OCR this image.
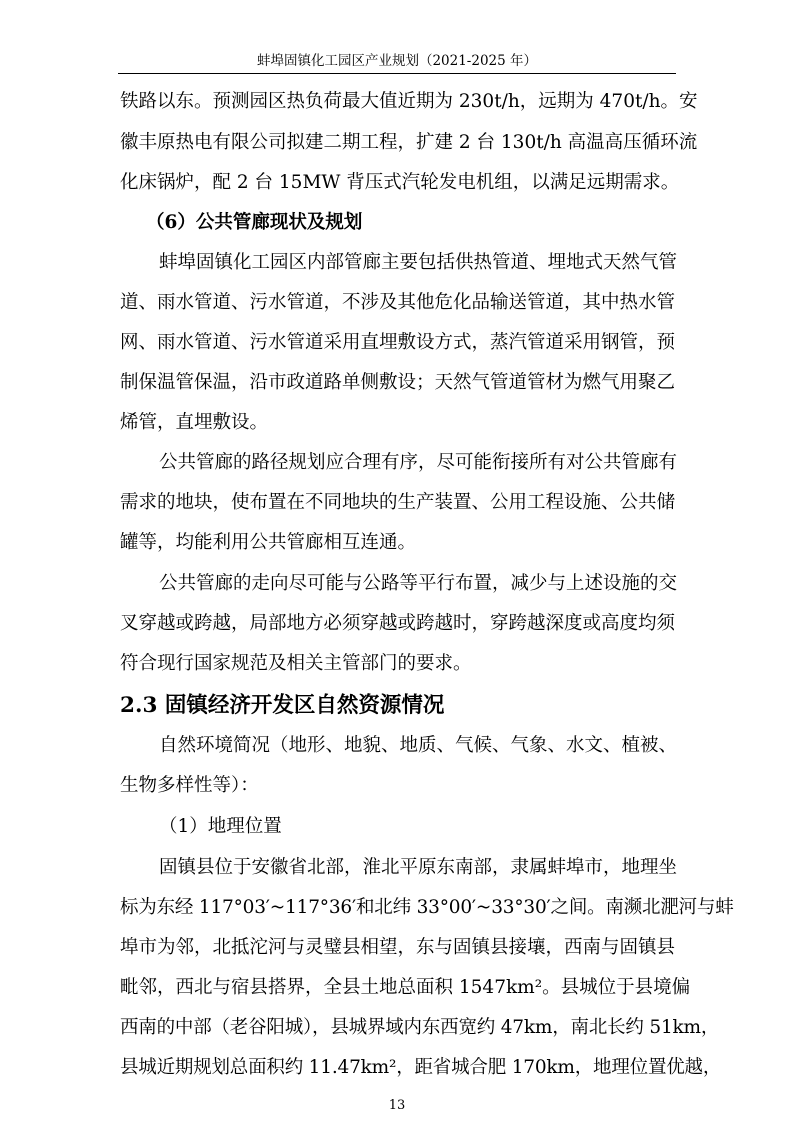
蚌埠固镇化工园区产业规划（2021-2025 年）
铁路以东。预测园区热负荷最大值近期为 230t/h，远期为 470t/h。安
徽丰原热电有限公司拟建二期工程，扩建 2 台 130t/h 高温高压循环流
化床锅炉，配 2 台 15MW 背压式汽轮发电机组，以满足远期需求。
（6）公共管廊现状及规划
蚌埠固镇化工园区内部管廊主要包括供热管道、埋地式天然气管
道、雨水管道、污水管道，不涉及其他危化品输送管道，其中热水管
网、雨水管道、污水管道采用直埋敷设方式，蒸汽管道采用钢管，预
制保温管保温，沿市政道路单侧敷设；天然气管道管材为燃气用聚乙
烯管，直埋敷设。
公共管廊的路径规划应合理有序，尽可能衔接所有对公共管廊有
需求的地块，使布置在不同地块的生产装置、公用工程设施、公共储
罐等，均能利用公共管廊相互连通。
公共管廊的走向尽可能与公路等平行布置，减少与上述设施的交
叉穿越或跨越，局部地方必须穿越或跨越时，穿跨越深度或高度均须
符合现行国家规范及相关主管部门的要求。
2.3 固镇经济开发区自然资源情况
自然环境简况（地形、地貌、地质、气候、气象、水文、植被、
生物多样性等）：
（1）地理位置
固镇县位于安徽省北部，淮北平原东南部，隶属蚌埠市，地理坐
标为东经 117°03′~117°36′和北纬 33°00′~33°30′之间。南濒北淝河与蚌
埠市为邻，北抵沱河与灵璧县相望，东与固镇县接壤，西南与固镇县
毗邻，西北与宿县搭界，全县土地总面积 1547km²。县城位于县境偏
西南的中部（老谷阳城），县城界域内东西宽约 47km，南北长约 51km，
县城近期规划总面积约 11.47km²，距省城合肥 170km，地理位置优越，
13
